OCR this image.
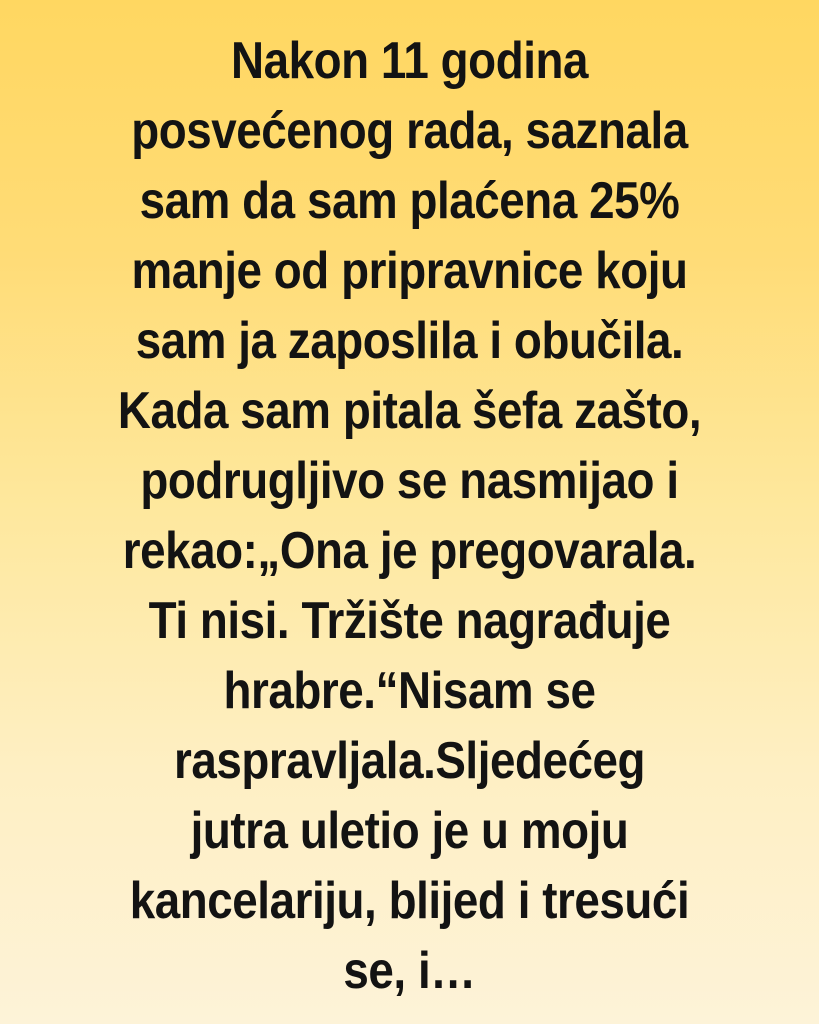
Nakon 11 godina
posvećenog rada, saznala
sam da sam plaćena 25%
manje od pripravnice koju
sam ja zaposlila i obučila.
Kada sam pitala šefa zašto,
podrugljivo se nasmijao i
rekao:„Ona je pregovarala.
Ti nisi. Tržište nagrađuje
hrabre.“Nisam se
raspravljala.Sljedećeg
jutra uletio je u moju
kancelariju, blijed i tresući
se, i…
